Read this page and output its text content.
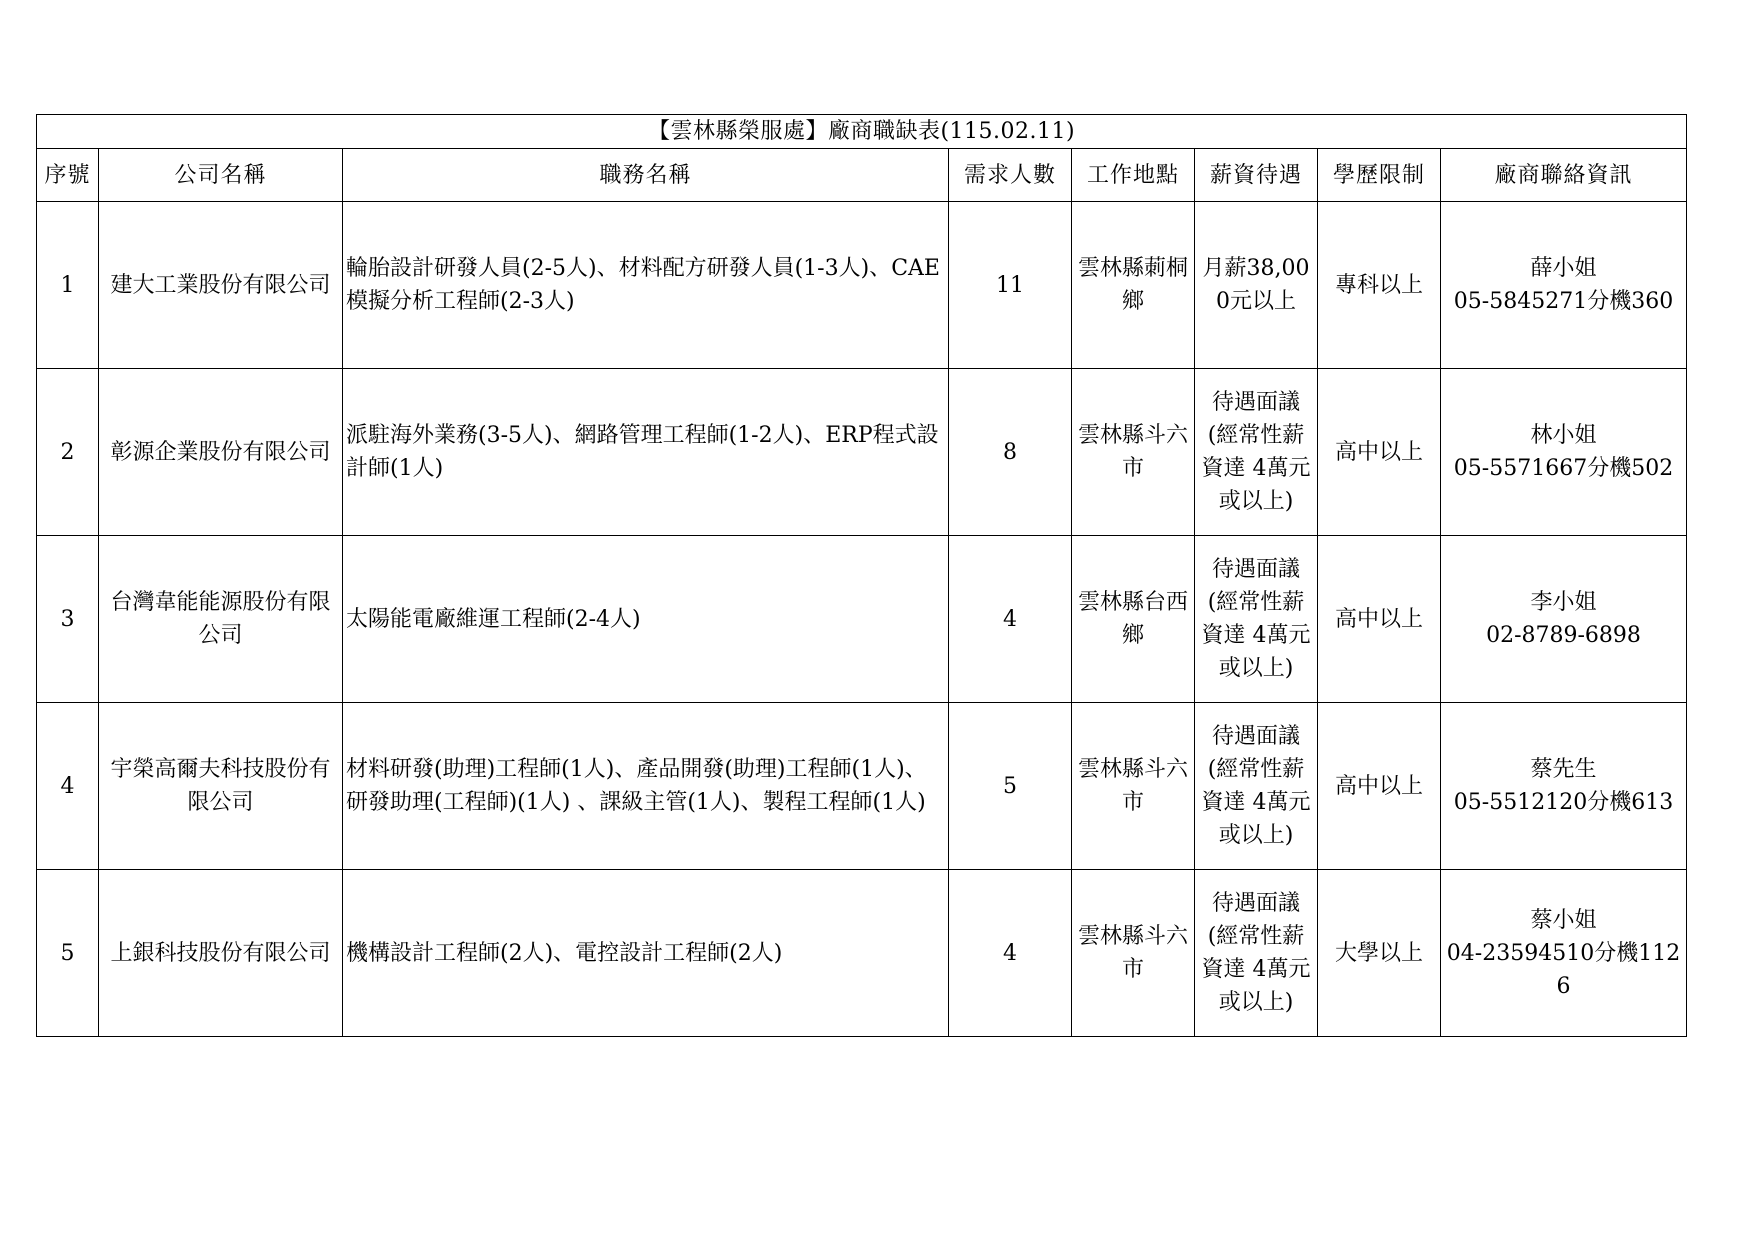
【雲林縣榮服處】廠商職缺表(115.02.11)							
序號	公司名稱	職務名稱	需求人數	工作地點	薪資待遇	學歷限制	廠商聯絡資訊
1	建大工業股份有限公司	輪胎設計研發人員(2-5人)、材料配方研發人員(1-3人)、CAE模擬分析工程師(2-3人)	11	雲林縣莿桐鄉	月薪38,000元以上	專科以上	薛小姐
05-5845271分機360

2	彰源企業股份有限公司	派駐海外業務(3-5人)、網路管理工程師(1-2人)、ERP程式設計師(1人)	8	雲林縣斗六市	待遇面議(經常性薪資達 4萬元或以上)	高中以上	林小姐
05-5571667分機502

3	台灣韋能能源股份有限公司	太陽能電廠維運工程師(2-4人)	4	雲林縣台西鄉	待遇面議(經常性薪資達 4萬元或以上)	高中以上	李小姐
02-8789-6898

4	宇榮高爾夫科技股份有限公司	材料研發(助理)工程師(1人)、產品開發(助理)工程師(1人)、研發助理(工程師)(1人) 、課級主管(1人)、製程工程師(1人)	5	雲林縣斗六市	待遇面議(經常性薪資達 4萬元或以上)	高中以上	蔡先生
05-5512120分機613

5	上銀科技股份有限公司	機構設計工程師(2人)、電控設計工程師(2人)	4	雲林縣斗六市	待遇面議(經常性薪資達 4萬元或以上)	大學以上	蔡小姐
04-23594510分機1126
